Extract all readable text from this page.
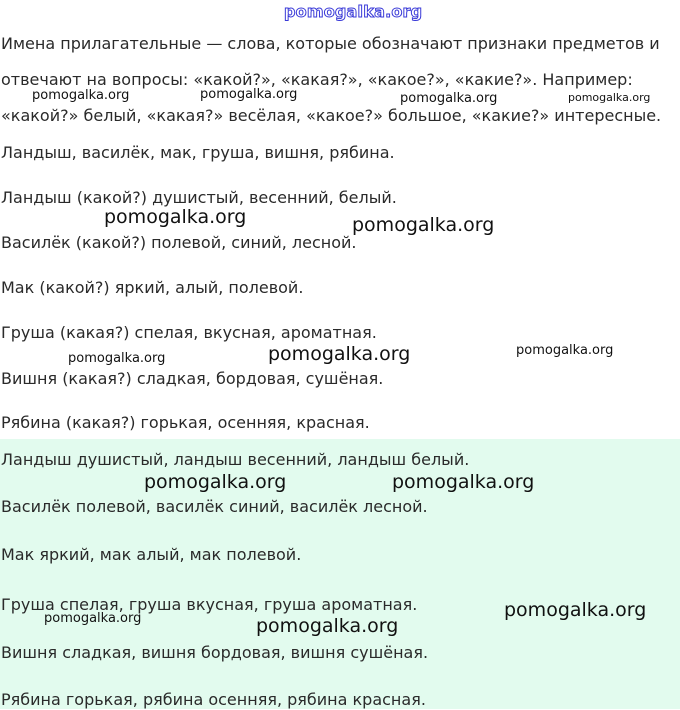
pomogalka.org
Имена прилагательные — слова, которые обозначают признаки предметов и
отвечают на вопросы: «какой?», «какая?», «какое?», «какие?». Например:
«какой?» белый, «какая?» весёлая, «какое?» большое, «какие?» интересные.
Ландыш, василёк, мак, груша, вишня, рябина.
Ландыш (какой?) душистый, весенний, белый.
Василёк (какой?) полевой, синий, лесной.
Мак (какой?) яркий, алый, полевой.
Груша (какая?) спелая, вкусная, ароматная.
Вишня (какая?) сладкая, бордовая, сушёная.
Рябина (какая?) горькая, осенняя, красная.
Ландыш душистый, ландыш весенний, ландыш белый.
Василёк полевой, василёк синий, василёк лесной.
Мак яркий, мак алый, мак полевой.
Груша спелая, груша вкусная, груша ароматная.
Вишня сладкая, вишня бордовая, вишня сушёная.
Рябина горькая, рябина осенняя, рябина красная.
pomogalka.org	pomogalka.org	pomogalka.org	pomogalka.org
pomogalka.org	pomogalka.org
pomogalka.org	pomogalka.org	pomogalka.org
pomogalka.org	pomogalka.org
pomogalka.org	pomogalka.org
pomogalka.org
